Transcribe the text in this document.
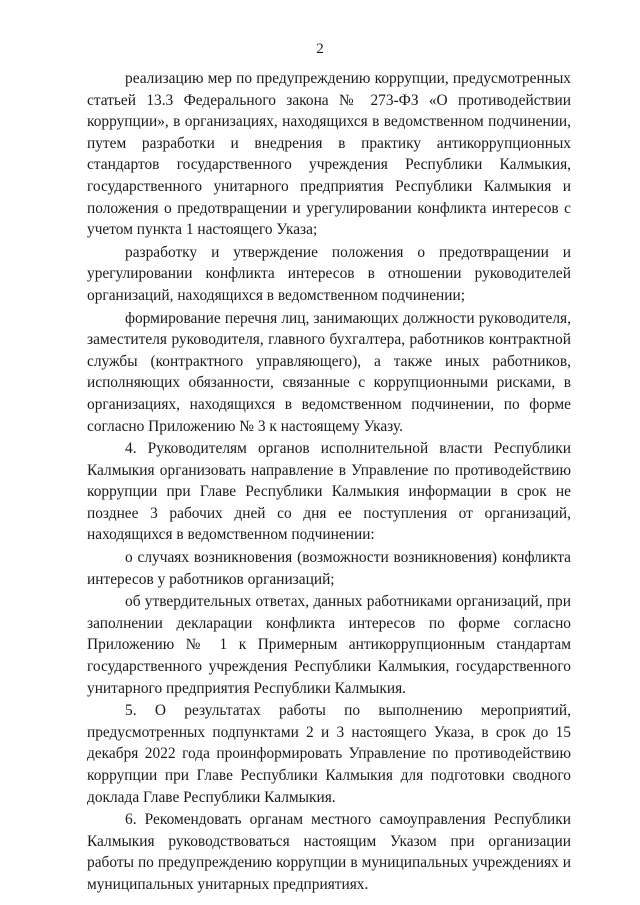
2

реализацию мер по предупреждению коррупции, предусмотренных статьей 13.3 Федерального закона № 273-ФЗ «О противодействии коррупции», в организациях, находящихся в ведомственном подчинении, путем разработки и внедрения в практику антикоррупционных стандартов государственного учреждения Республики Калмыкия, государственного унитарного предприятия Республики Калмыкия и положения о предотвращении и урегулировании конфликта интересов с учетом пункта 1 настоящего Указа;

разработку и утверждение положения о предотвращении и урегулировании конфликта интересов в отношении руководителей организаций, находящихся в ведомственном подчинении;

формирование перечня лиц, занимающих должности руководителя, заместителя руководителя, главного бухгалтера, работников контрактной службы (контрактного управляющего), а также иных работников, исполняющих обязанности, связанные с коррупционными рисками, в организациях, находящихся в ведомственном подчинении, по форме согласно Приложению № 3 к настоящему Указу.

4. Руководителям органов исполнительной власти Республики Калмыкия организовать направление в Управление по противодействию коррупции при Главе Республики Калмыкия информации в срок не позднее 3 рабочих дней со дня ее поступления от организаций, находящихся в ведомственном подчинении:

о случаях возникновения (возможности возникновения) конфликта интересов у работников организаций;

об утвердительных ответах, данных работниками организаций, при заполнении декларации конфликта интересов по форме согласно Приложению № 1 к Примерным антикоррупционным стандартам государственного учреждения Республики Калмыкия, государственного унитарного предприятия Республики Калмыкия.

5. О результатах работы по выполнению мероприятий, предусмотренных подпунктами 2 и 3 настоящего Указа, в срок до 15 декабря 2022 года проинформировать Управление по противодействию коррупции при Главе Республики Калмыкия для подготовки сводного доклада Главе Республики Калмыкия.

6. Рекомендовать органам местного самоуправления Республики Калмыкия руководствоваться настоящим Указом при организации работы по предупреждению коррупции в муниципальных учреждениях и муниципальных унитарных предприятиях.
